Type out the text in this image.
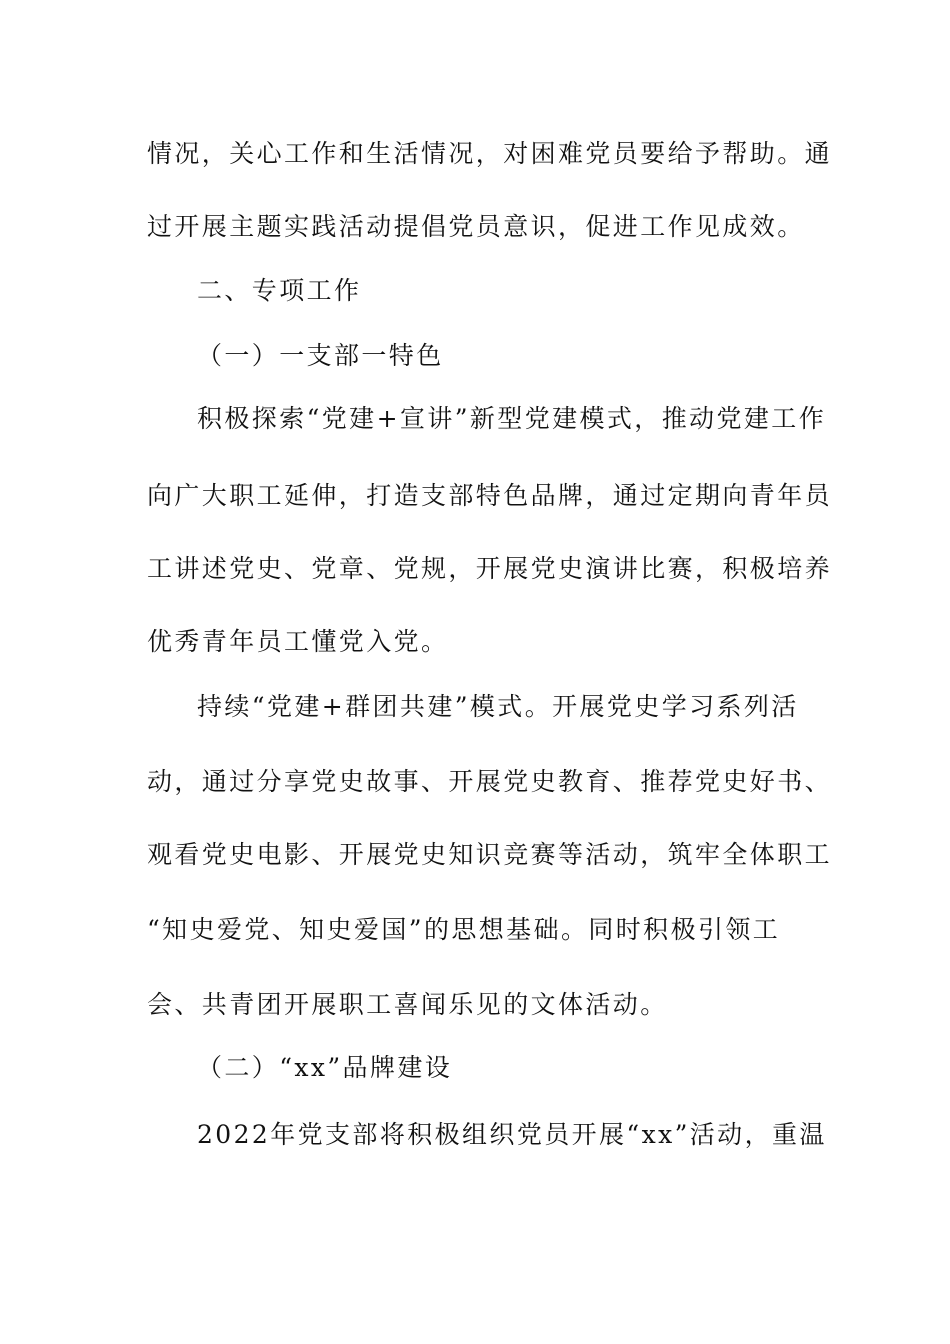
情况，关心工作和生活情况，对困难党员要给予帮助。通
过开展主题实践活动提倡党员意识，促进工作见成效。
二、专项工作
（一）一支部一特色
积极探索“党建+宣讲”新型党建模式，推动党建工作
向广大职工延伸，打造支部特色品牌，通过定期向青年员
工讲述党史、党章、党规，开展党史演讲比赛，积极培养
优秀青年员工懂党入党。
持续“党建+群团共建”模式。开展党史学习系列活
动，通过分享党史故事、开展党史教育、推荐党史好书、
观看党史电影、开展党史知识竞赛等活动，筑牢全体职工
“知史爱党、知史爱国”的思想基础。同时积极引领工
会、共青团开展职工喜闻乐见的文体活动。
（二）“xx”品牌建设
2022年党支部将积极组织党员开展“xx”活动，重温
